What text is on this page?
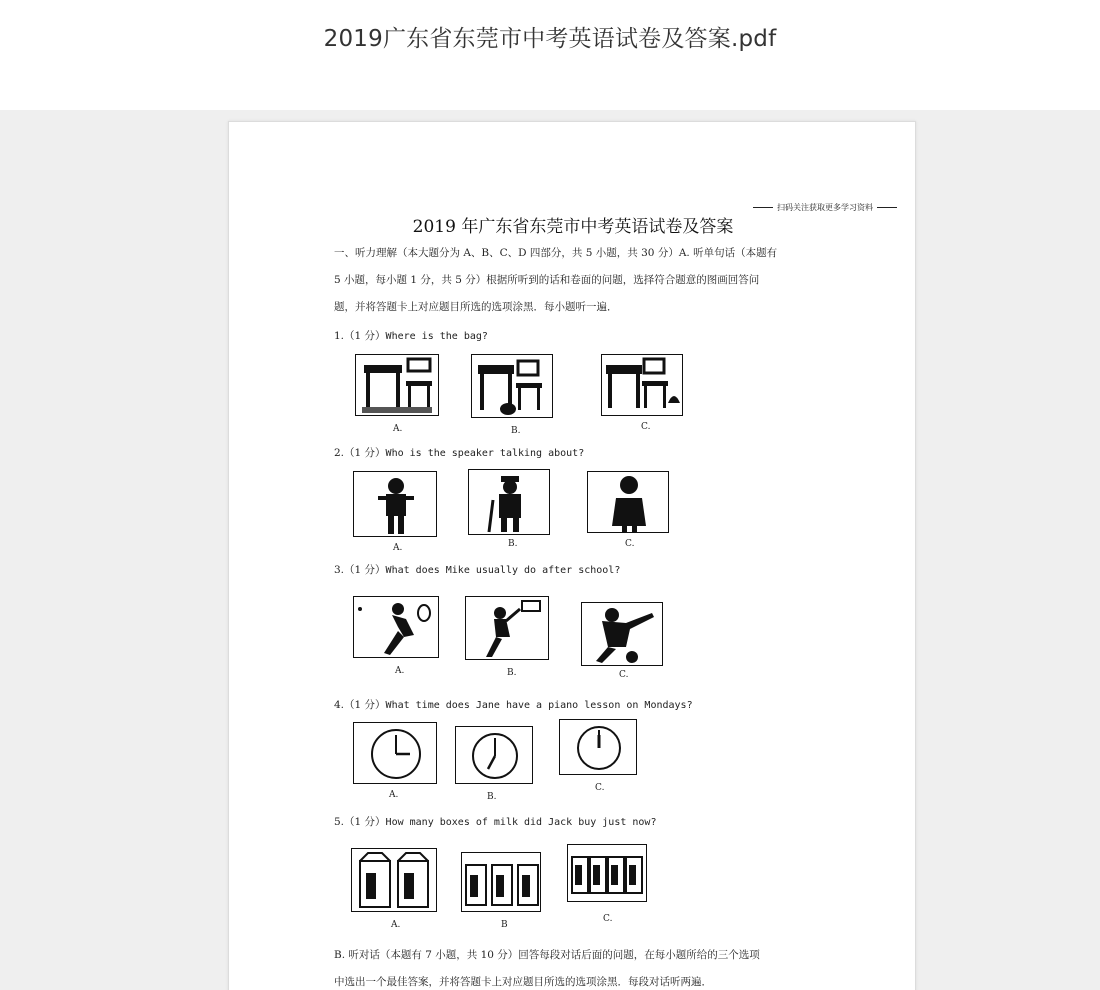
2019广东省东莞市中考英语试卷及答案.pdf
扫码关注获取更多学习资料
2019 年广东省东莞市中考英语试卷及答案
一、听力理解（本大题分为 A、B、C、D 四部分，共 5 小题，共 30 分）A. 听单句话（本题有
5 小题，每小题 1 分，共 5 分）根据所听到的话和卷面的问题，选择符合题意的图画回答问
题，并将答题卡上对应题目所选的选项涂黑．每小题听一遍．
1.（1 分）Where is the bag?
A.	B.	C.
2.（1 分）Who is the speaker talking about?
A.	B.	C.
3.（1 分）What does Mike usually do after school?
A.	B.	C.
4.（1 分）What time does Jane have a piano lesson on Mondays?
A.	B.
C.
5.（1 分）How many boxes of milk did Jack buy just now?
A.	B
C.
B. 听对话（本题有 7 小题，共 10 分）回答每段对话后面的问题，在每小题所给的三个选项
中选出一个最佳答案，并将答题卡上对应题目所选的选项涂黑．每段对话听两遍．
